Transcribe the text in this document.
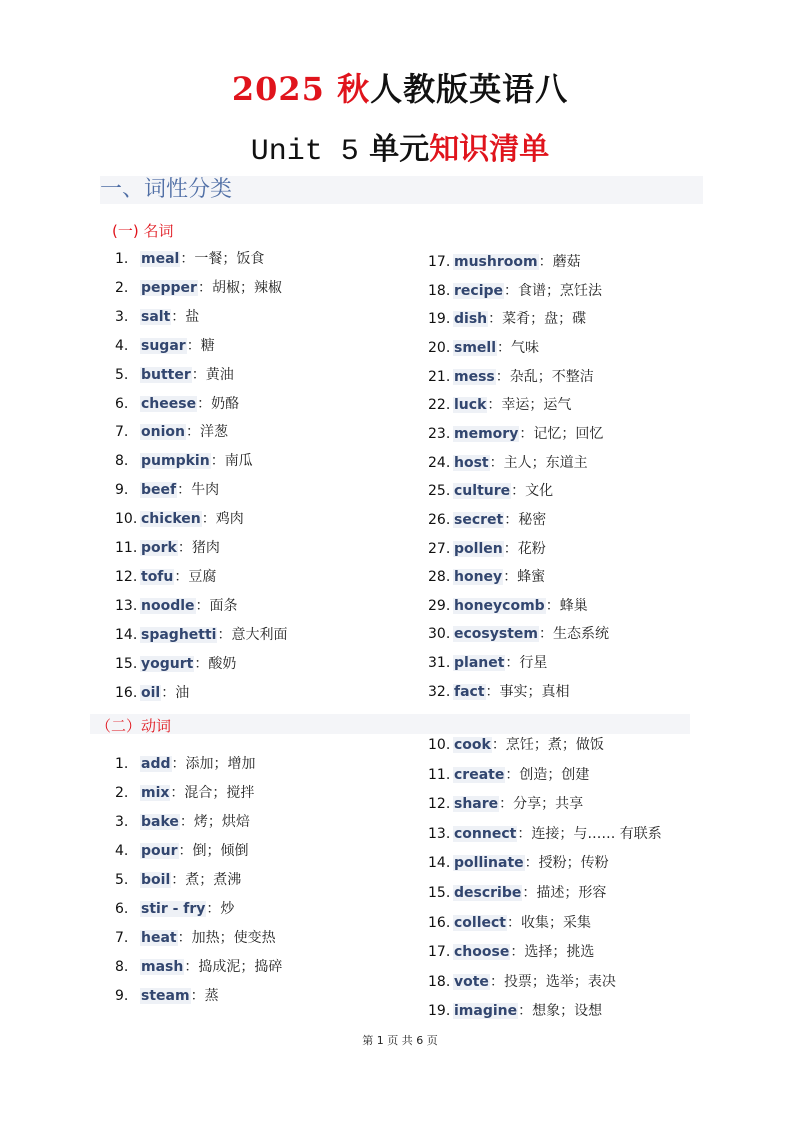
2025 秋人教版英语八
Unit 5 单元知识清单
一、词性分类
(一) 名词
（二）动词
1. meal：一餐；饭食
2. pepper：胡椒；辣椒
3. salt：盐
4. sugar：糖
5. butter：黄油
6. cheese：奶酪
7. onion：洋葱
8. pumpkin：南瓜
9. beef：牛肉
10. chicken：鸡肉
11. pork：猪肉
12. tofu：豆腐
13. noodle：面条
14. spaghetti：意大利面
15. yogurt：酸奶
16. oil：油
17. mushroom：蘑菇
18. recipe：食谱；烹饪法
19. dish：菜肴；盘；碟
20. smell：气味
21. mess：杂乱；不整洁
22. luck：幸运；运气
23. memory：记忆；回忆
24. host：主人；东道主
25. culture：文化
26. secret：秘密
27. pollen：花粉
28. honey：蜂蜜
29. honeycomb：蜂巢
30. ecosystem：生态系统
31. planet：行星
32. fact：事实；真相
1. add：添加；增加
2. mix：混合；搅拌
3. bake：烤；烘焙
4. pour：倒；倾倒
5. boil：煮；煮沸
6. stir - fry：炒
7. heat：加热；使变热
8. mash：捣成泥；捣碎
9. steam：蒸
10. cook：烹饪；煮；做饭
11. create：创造；创建
12. share：分享；共享
13. connect：连接；与…… 有联系
14. pollinate：授粉；传粉
15. describe：描述；形容
16. collect：收集；采集
17. choose：选择；挑选
18. vote：投票；选举；表决
19. imagine：想象；设想
第 1 页 共 6 页
